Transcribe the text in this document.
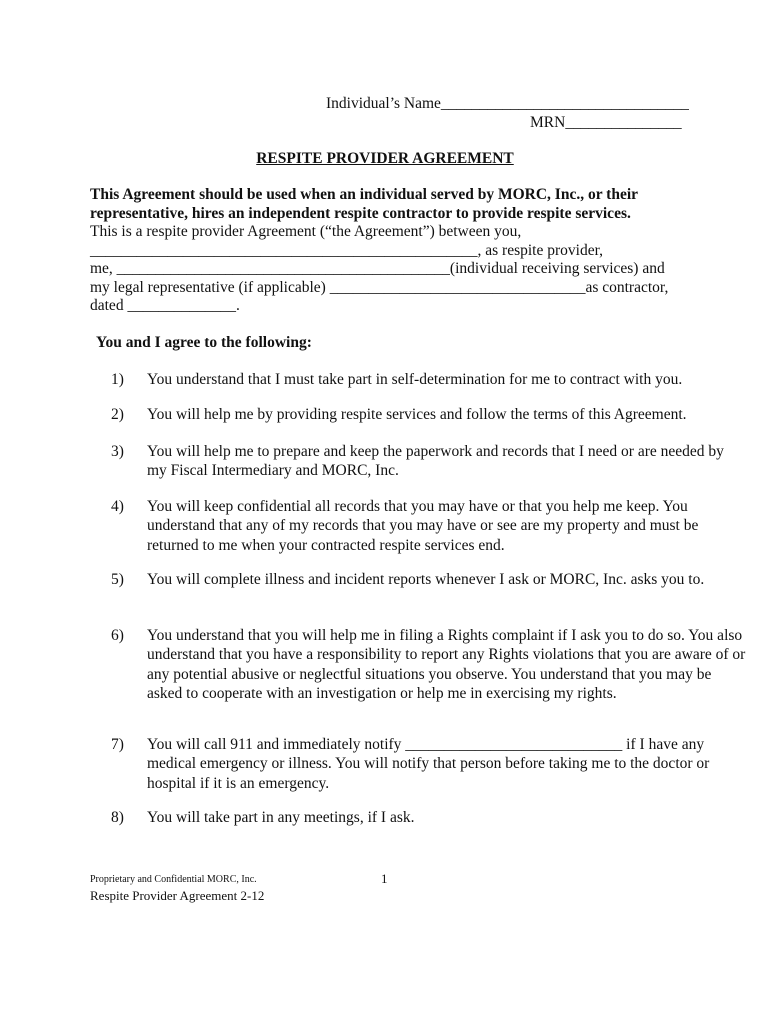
Individual’s Name________________________________
MRN_______________
RESPITE PROVIDER AGREEMENT
This Agreement should be used when an individual served by MORC, Inc., or their
representative, hires an independent respite contractor to provide respite services.
This is a respite provider Agreement (“the Agreement”) between you,
__________________________________________________, as respite provider,
me, ___________________________________________(individual receiving services) and
my legal representative (if applicable) _________________________________as contractor,
dated ______________.
You and I agree to the following:
1) You understand that I must take part in self-determination for me to contract with you.
2) You will help me by providing respite services and follow the terms of this Agreement.
3) You will help me to prepare and keep the paperwork and records that I need or are needed by my Fiscal Intermediary and MORC, Inc.
4) You will keep confidential all records that you may have or that you help me keep. You understand that any of my records that you may have or see are my property and must be returned to me when your contracted respite services end.
5) You will complete illness and incident reports whenever I ask or MORC, Inc. asks you to.
6) You understand that you will help me in filing a Rights complaint if I ask you to do so. You also understand that you have a responsibility to report any Rights violations that you are aware of or any potential abusive or neglectful situations you observe. You understand that you may be asked to cooperate with an investigation or help me in exercising my rights.
7) You will call 911 and immediately notify ____________________________ if I have any medical emergency or illness. You will notify that person before taking me to the doctor or hospital if it is an emergency.
8) You will take part in any meetings, if I ask.
Proprietary and Confidential MORC, Inc.	1
Respite Provider Agreement 2-12
